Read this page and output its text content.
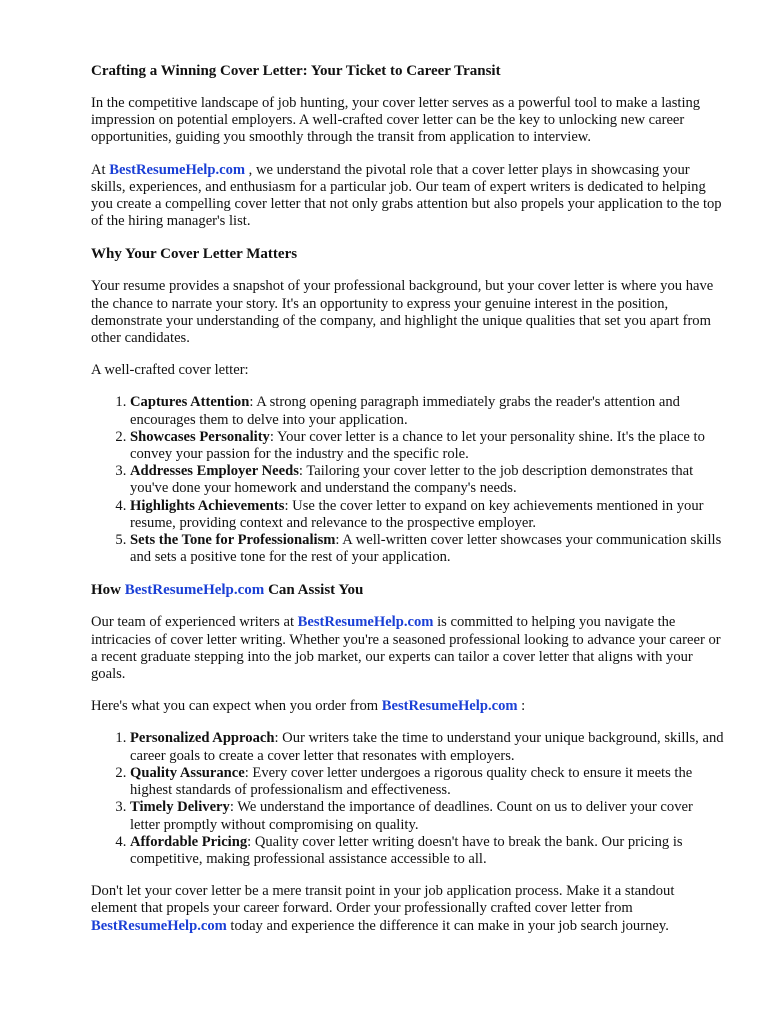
Crafting a Winning Cover Letter: Your Ticket to Career Transit

In the competitive landscape of job hunting, your cover letter serves as a powerful tool to make a lasting impression on potential employers. A well-crafted cover letter can be the key to unlocking new career opportunities, guiding you smoothly through the transit from application to interview.

At BestResumeHelp.com , we understand the pivotal role that a cover letter plays in showcasing your skills, experiences, and enthusiasm for a particular job. Our team of expert writers is dedicated to helping you create a compelling cover letter that not only grabs attention but also propels your application to the top of the hiring manager's list.

Why Your Cover Letter Matters

Your resume provides a snapshot of your professional background, but your cover letter is where you have the chance to narrate your story. It's an opportunity to express your genuine interest in the position, demonstrate your understanding of the company, and highlight the unique qualities that set you apart from other candidates.

A well-crafted cover letter:

1. Captures Attention: A strong opening paragraph immediately grabs the reader's attention and encourages them to delve into your application.
2. Showcases Personality: Your cover letter is a chance to let your personality shine. It's the place to convey your passion for the industry and the specific role.
3. Addresses Employer Needs: Tailoring your cover letter to the job description demonstrates that you've done your homework and understand the company's needs.
4. Highlights Achievements: Use the cover letter to expand on key achievements mentioned in your resume, providing context and relevance to the prospective employer.
5. Sets the Tone for Professionalism: A well-written cover letter showcases your communication skills and sets a positive tone for the rest of your application.
How BestResumeHelp.com Can Assist You

Our team of experienced writers at BestResumeHelp.com is committed to helping you navigate the intricacies of cover letter writing. Whether you're a seasoned professional looking to advance your career or a recent graduate stepping into the job market, our experts can tailor a cover letter that aligns with your goals.

Here's what you can expect when you order from BestResumeHelp.com :

1. Personalized Approach: Our writers take the time to understand your unique background, skills, and career goals to create a cover letter that resonates with employers.
2. Quality Assurance: Every cover letter undergoes a rigorous quality check to ensure it meets the highest standards of professionalism and effectiveness.
3. Timely Delivery: We understand the importance of deadlines. Count on us to deliver your cover letter promptly without compromising on quality.
4. Affordable Pricing: Quality cover letter writing doesn't have to break the bank. Our pricing is competitive, making professional assistance accessible to all.

Don't let your cover letter be a mere transit point in your job application process. Make it a standout element that propels your career forward. Order your professionally crafted cover letter from BestResumeHelp.com today and experience the difference it can make in your job search journey.
